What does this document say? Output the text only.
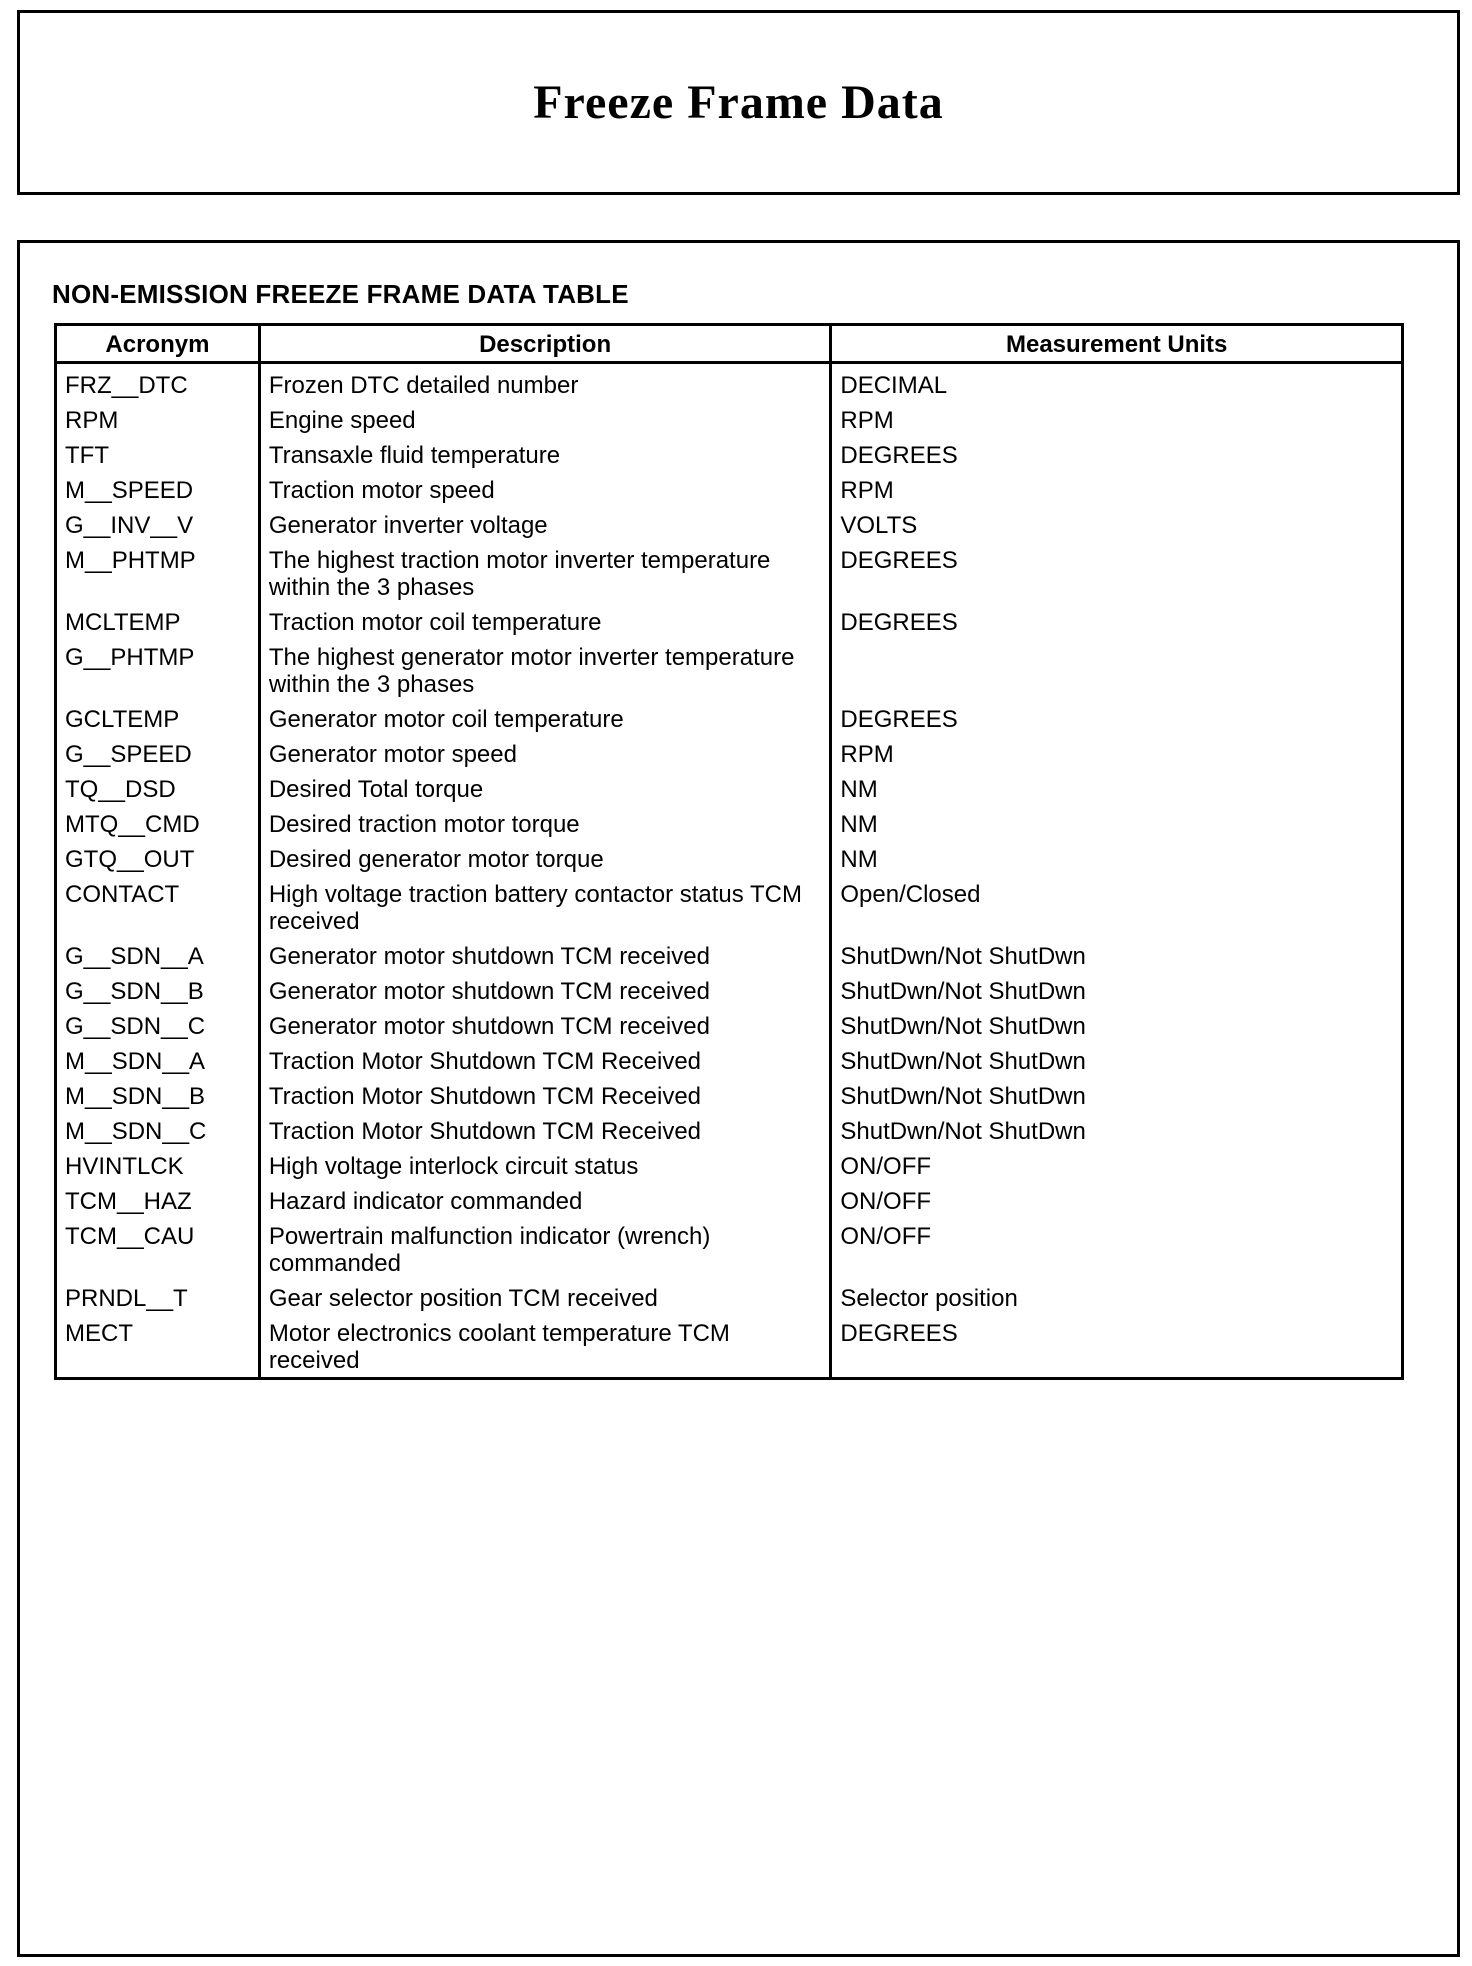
Freeze Frame Data
NON-EMISSION FREEZE FRAME DATA TABLE
Acronym	Description	Measurement Units
FRZ__DTC	Frozen DTC detailed number	DECIMAL
RPM	Engine speed	RPM
TFT	Transaxle fluid temperature	DEGREES
M__SPEED	Traction motor speed	RPM
G__INV__V	Generator inverter voltage	VOLTS
M__PHTMP	The highest traction motor inverter temperature within the 3 phases	DEGREES
MCLTEMP	Traction motor coil temperature	DEGREES
G__PHTMP	The highest generator motor inverter temperature within the 3 phases	
GCLTEMP	Generator motor coil temperature	DEGREES
G__SPEED	Generator motor speed	RPM
TQ__DSD	Desired Total torque	NM
MTQ__CMD	Desired traction motor torque	NM
GTQ__OUT	Desired generator motor torque	NM
CONTACT	High voltage traction battery contactor status TCM received	Open/Closed
G__SDN__A	Generator motor shutdown TCM received	ShutDwn/Not ShutDwn
G__SDN__B	Generator motor shutdown TCM received	ShutDwn/Not ShutDwn
G__SDN__C	Generator motor shutdown TCM received	ShutDwn/Not ShutDwn
M__SDN__A	Traction Motor Shutdown TCM Received	ShutDwn/Not ShutDwn
M__SDN__B	Traction Motor Shutdown TCM Received	ShutDwn/Not ShutDwn
M__SDN__C	Traction Motor Shutdown TCM Received	ShutDwn/Not ShutDwn
HVINTLCK	High voltage interlock circuit status	ON/OFF
TCM__HAZ	Hazard indicator commanded	ON/OFF
TCM__CAU	Powertrain malfunction indicator (wrench) commanded	ON/OFF
PRNDL__T	Gear selector position TCM received	Selector position
MECT	Motor electronics coolant temperature TCM received	DEGREES
